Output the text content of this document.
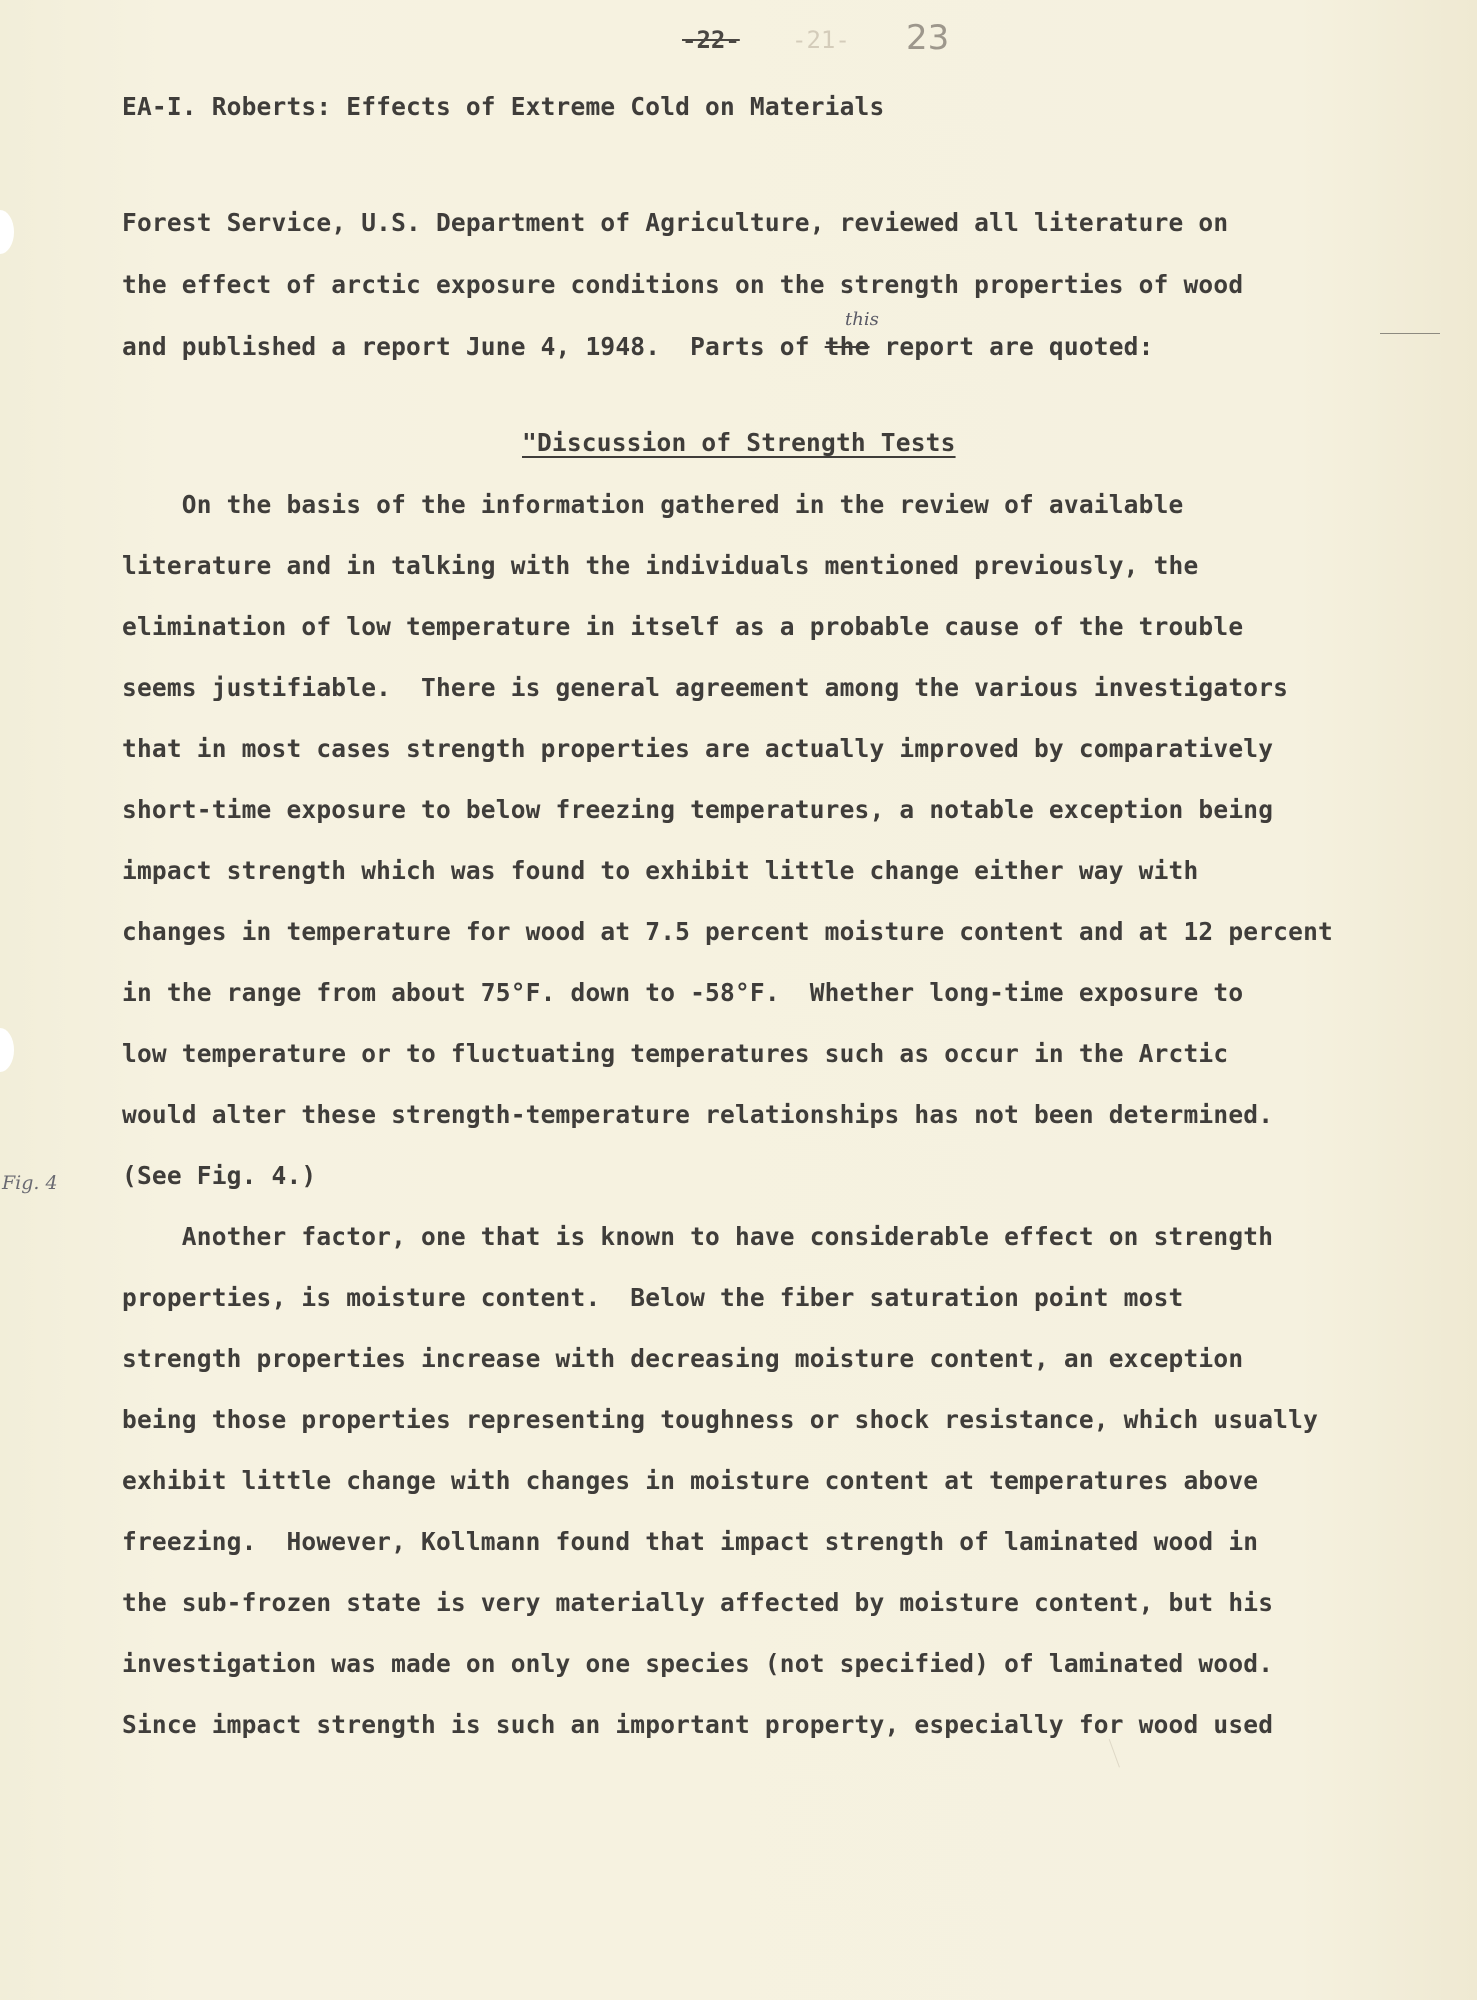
-22- -21- 23
EA-I. Roberts: Effects of Extreme Cold on Materials
Forest Service, U.S. Department of Agriculture, reviewed all literature on
the effect of arctic exposure conditions on the strength properties of wood
and published a report June 4, 1948.  Parts of the report are quoted:
this
"Discussion of Strength Tests
On the basis of the information gathered in the review of available
literature and in talking with the individuals mentioned previously, the
elimination of low temperature in itself as a probable cause of the trouble
seems justifiable.  There is general agreement among the various investigators
that in most cases strength properties are actually improved by comparatively
short-time exposure to below freezing temperatures, a notable exception being
impact strength which was found to exhibit little change either way with
changes in temperature for wood at 7.5 percent moisture content and at 12 percent
in the range from about 75°F. down to -58°F.  Whether long-time exposure to
low temperature or to fluctuating temperatures such as occur in the Arctic
would alter these strength-temperature relationships has not been determined.
(See Fig. 4.)
Another factor, one that is known to have considerable effect on strength
properties, is moisture content.  Below the fiber saturation point most
strength properties increase with decreasing moisture content, an exception
being those properties representing toughness or shock resistance, which usually
exhibit little change with changes in moisture content at temperatures above
freezing.  However, Kollmann found that impact strength of laminated wood in
the sub-frozen state is very materially affected by moisture content, but his
investigation was made on only one species (not specified) of laminated wood.
Since impact strength is such an important property, especially for wood used
Fig. 4
